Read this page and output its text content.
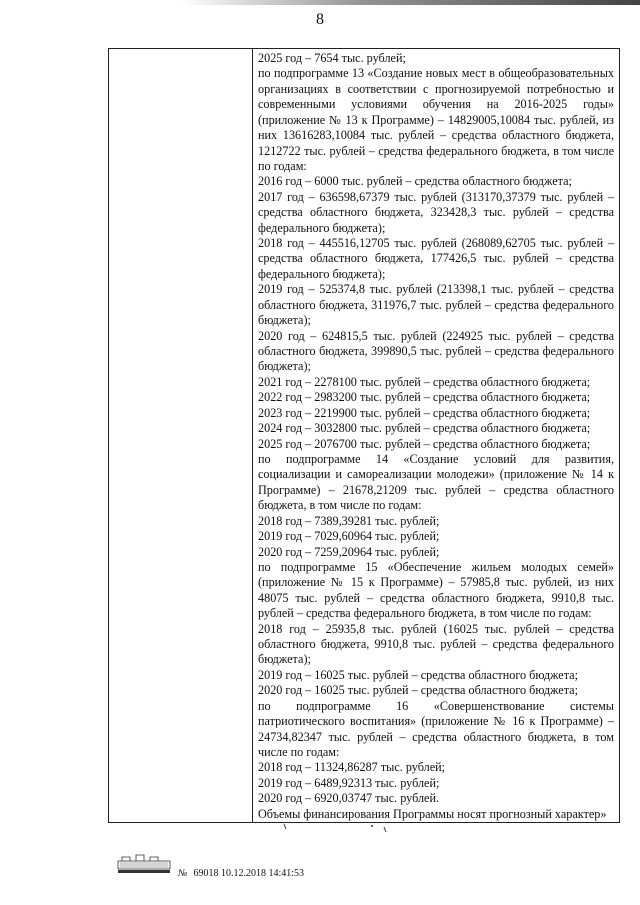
8

2025 год – 7654 тыс. рублей;

по подпрограмме 13 «Создание новых мест в общеобразовательных организациях в соответствии с прогнозируемой потребностью и современными условиями обучения на 2016-2025 годы» (приложение № 13 к Программе) – 14829005,10084 тыс. рублей, из них 13616283,10084 тыс. рублей – средства областного бюджета, 1212722 тыс. рублей – средства федерального бюджета, в том числе по годам:

2016 год – 6000 тыс. рублей – средства областного бюджета;

2017 год – 636598,67379 тыс. рублей (313170,37379 тыс. рублей – средства областного бюджета, 323428,3 тыс. рублей – средства федерального бюджета);

2018 год – 445516,12705 тыс. рублей (268089,62705 тыс. рублей – средства областного бюджета, 177426,5 тыс. рублей – средства федерального бюджета);

2019 год – 525374,8 тыс. рублей (213398,1 тыс. рублей – средства областного бюджета, 311976,7 тыс. рублей – средства федерального бюджета);

2020 год – 624815,5 тыс. рублей (224925 тыс. рублей – средства областного бюджета, 399890,5 тыс. рублей – средства федерального бюджета);

2021 год – 2278100 тыс. рублей – средства областного бюджета;

2022 год – 2983200 тыс. рублей – средства областного бюджета;

2023 год – 2219900 тыс. рублей – средства областного бюджета;

2024 год – 3032800 тыс. рублей – средства областного бюджета;

2025 год – 2076700 тыс. рублей – средства областного бюджета;

по подпрограмме 14 «Создание условий для развития, социализации и самореализации молодежи» (приложение № 14 к Программе) – 21678,21209 тыс. рублей – средства областного бюджета, в том числе по годам:

2018 год – 7389,39281 тыс. рублей;

2019 год – 7029,60964 тыс. рублей;

2020 год – 7259,20964 тыс. рублей;

по подпрограмме 15 «Обеспечение жильем молодых семей» (приложение № 15 к Программе) – 57985,8 тыс. рублей, из них 48075 тыс. рублей – средства областного бюджета, 9910,8 тыс. рублей – средства федерального бюджета, в том числе по годам:

2018 год – 25935,8 тыс. рублей (16025 тыс. рублей – средства областного бюджета, 9910,8 тыс. рублей – средства федерального бюджета);

2019 год – 16025 тыс. рублей – средства областного бюджета;

2020 год – 16025 тыс. рублей – средства областного бюджета;

по подпрограмме 16 «Совершенствование системы патриотического воспитания» (приложение № 16 к Программе) – 24734,82347 тыс. рублей – средства областного бюджета, в том числе по годам:

2018 год – 11324,86287 тыс. рублей;

2019 год – 6489,92313 тыс. рублей;

2020 год – 6920,03747 тыс. рублей.

Объемы финансирования Программы носят прогнозный характер»

№ 69018 10.12.2018 14:41:53
